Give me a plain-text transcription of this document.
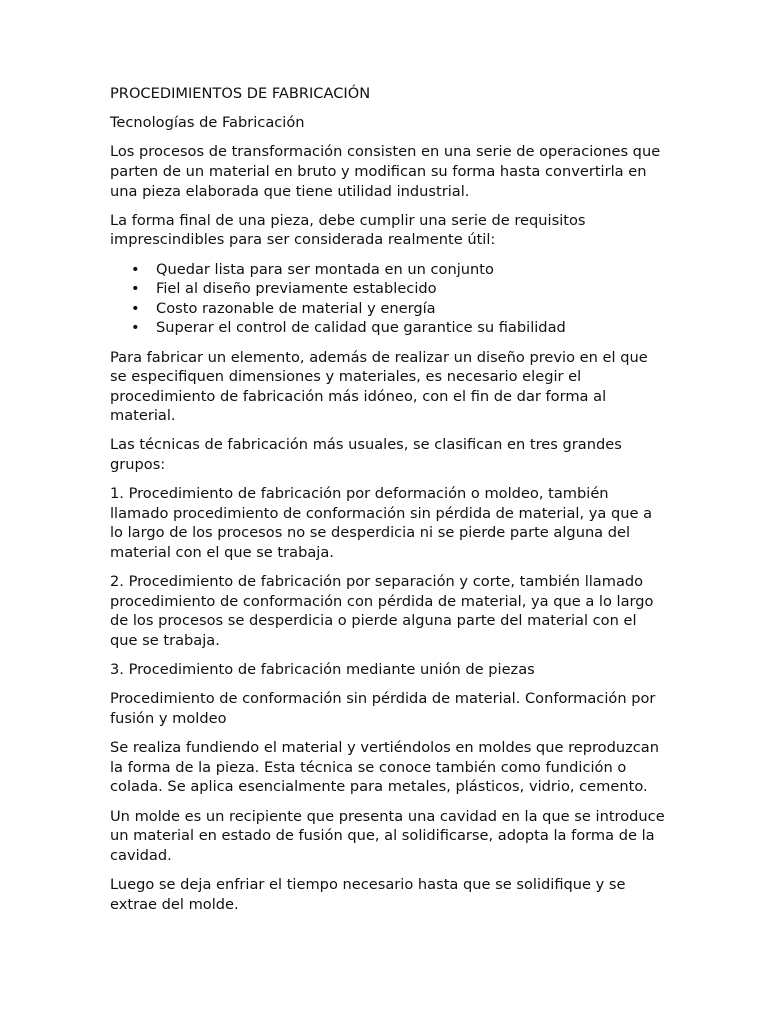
PROCEDIMIENTOS DE FABRICACIÓN

Tecnologías de Fabricación

Los procesos de transformación consisten en una serie de operaciones que parten de un material en bruto y modifican su forma hasta convertirla en una pieza elaborada que tiene utilidad industrial.

La forma final de una pieza, debe cumplir una serie de requisitos imprescindibles para ser considerada realmente útil:

• Quedar lista para ser montada en un conjunto
• Fiel al diseño previamente establecido
• Costo razonable de material y energía
• Superar el control de calidad que garantice su fiabilidad

Para fabricar un elemento, además de realizar un diseño previo en el que se especifiquen dimensiones y materiales, es necesario elegir el procedimiento de fabricación más idóneo, con el fin de dar forma al material.

Las técnicas de fabricación más usuales, se clasifican en tres grandes grupos:

1. Procedimiento de fabricación por deformación o moldeo, también llamado procedimiento de conformación sin pérdida de material, ya que a lo largo de los procesos no se desperdicia ni se pierde parte alguna del material con el que se trabaja.

2. Procedimiento de fabricación por separación y corte, también llamado procedimiento de conformación con pérdida de material, ya que a lo largo de los procesos se desperdicia o pierde alguna parte del material con el que se trabaja.

3. Procedimiento de fabricación mediante unión de piezas

Procedimiento de conformación sin pérdida de material. Conformación por fusión y moldeo

Se realiza fundiendo el material y vertiéndolos en moldes que reproduzcan la forma de la pieza. Esta técnica se conoce también como fundición o colada. Se aplica esencialmente para metales, plásticos, vidrio, cemento.

Un molde es un recipiente que presenta una cavidad en la que se introduce un material en estado de fusión que, al solidificarse, adopta la forma de la cavidad.

Luego se deja enfriar el tiempo necesario hasta que se solidifique y se extrae del molde.
